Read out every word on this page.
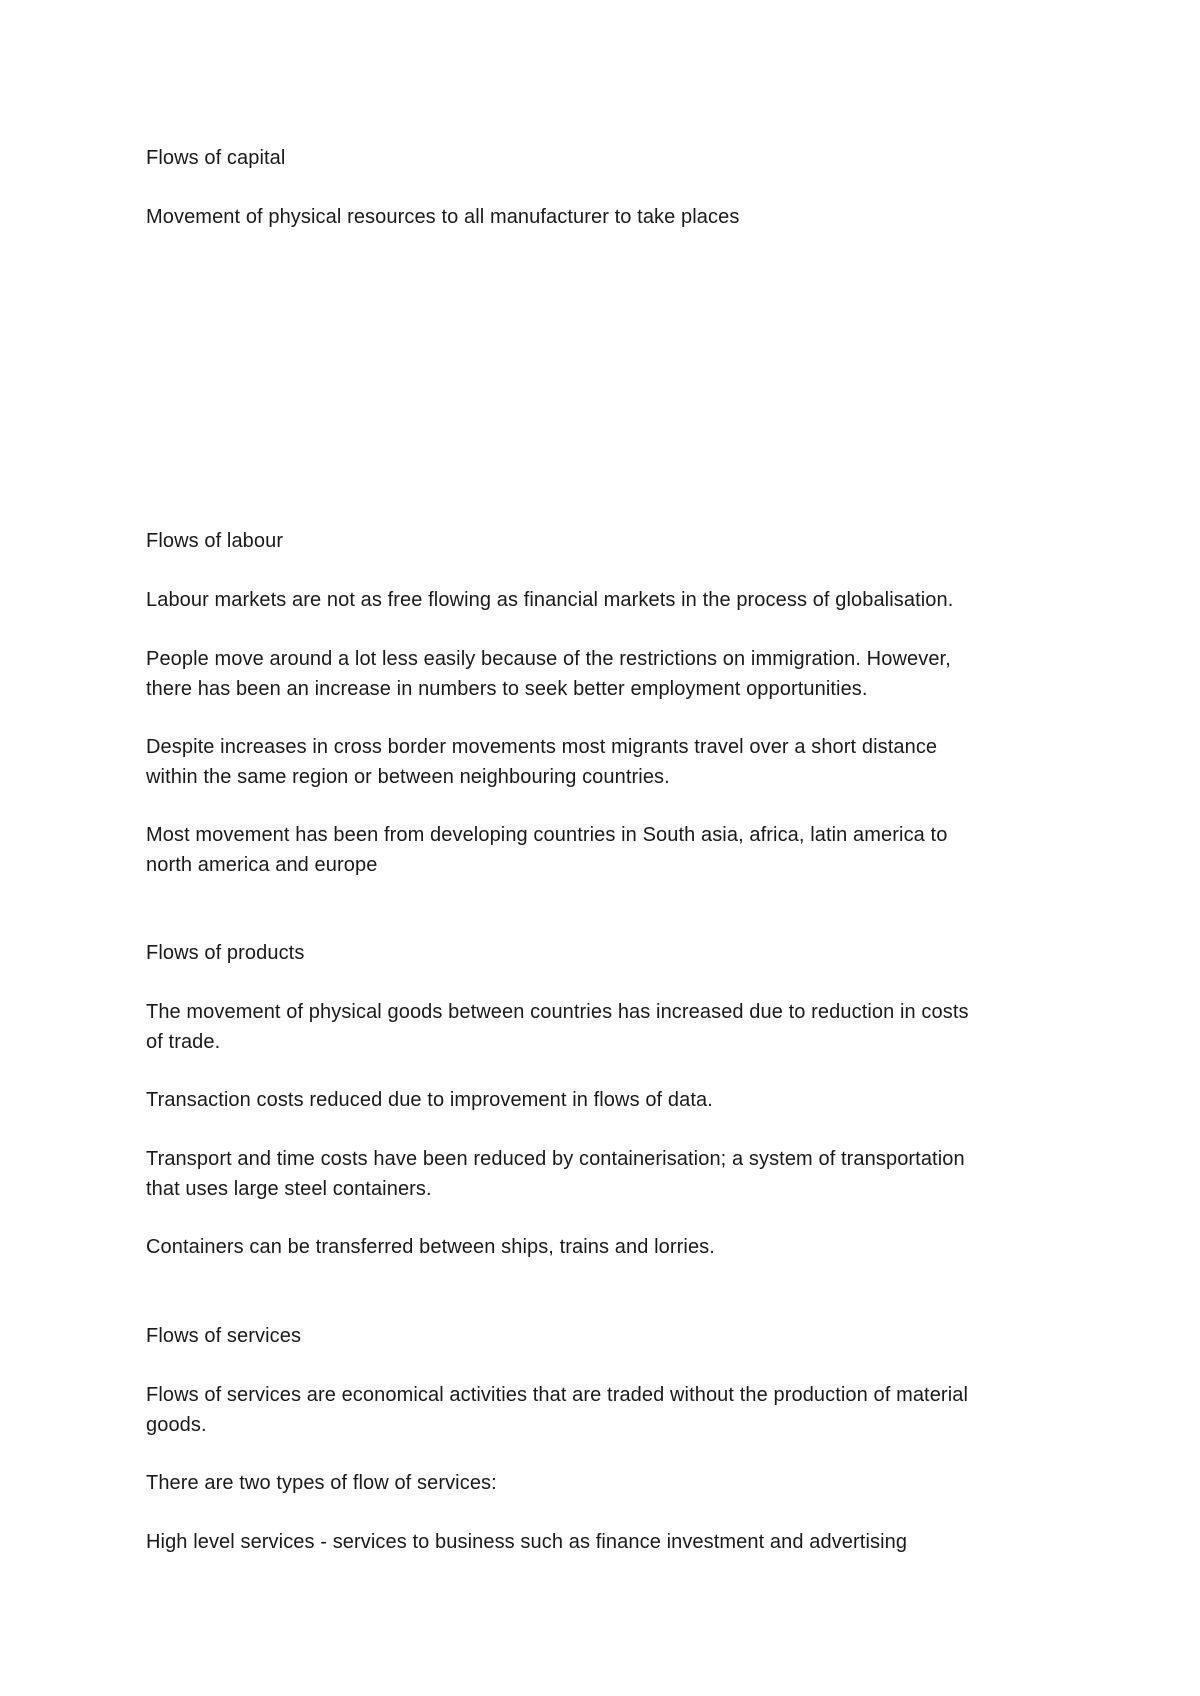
Flows of capital

Movement of physical resources to all manufacturer to take places

Flows of labour

Labour markets are not as free flowing as financial markets in the process of globalisation.

People move around a lot less easily because of the restrictions on immigration. However,
there has been an increase in numbers to seek better employment opportunities.

Despite increases in cross border movements most migrants travel over a short distance
within the same region or between neighbouring countries.

Most movement has been from developing countries in South asia, africa, latin america to
north america and europe

Flows of products

The movement of physical goods between countries has increased due to reduction in costs
of trade.

Transaction costs reduced due to improvement in flows of data.

Transport and time costs have been reduced by containerisation; a system of transportation
that uses large steel containers.

Containers can be transferred between ships, trains and lorries.

Flows of services

Flows of services are economical activities that are traded without the production of material
goods.

There are two types of flow of services:

High level services - services to business such as finance investment and advertising
